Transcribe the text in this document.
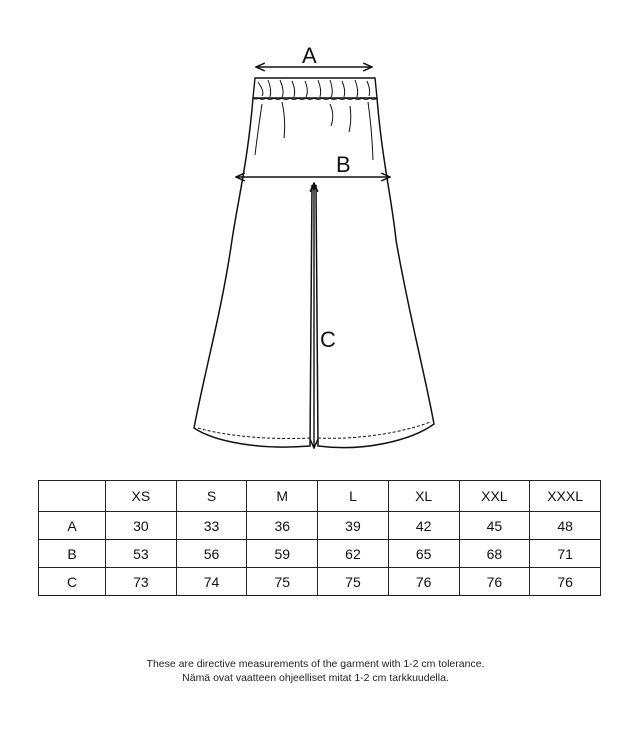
A
B
C
	XS	S	M	L	XL	XXL	XXXL
A	30	33	36	39	42	45	48
B	53	56	59	62	65	68	71
C	73	74	75	75	76	76	76
These are directive measurements of the garment with 1-2 cm tolerance.
Nämä ovat vaatteen ohjeelliset mitat 1-2 cm tarkkuudella.
